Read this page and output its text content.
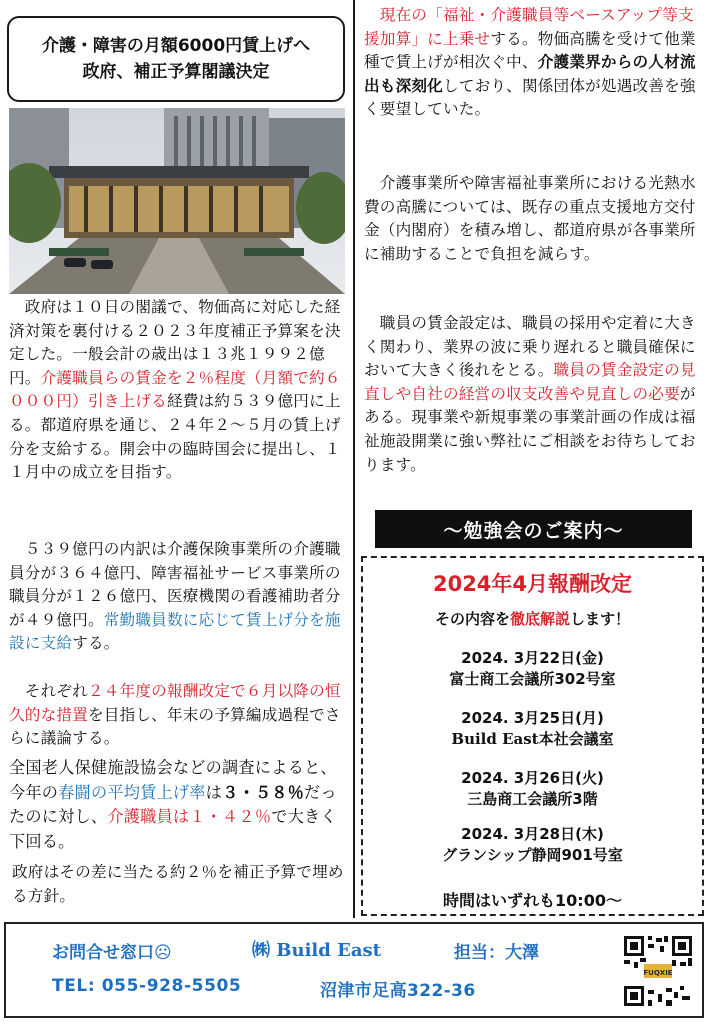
介護・障害の月額6000円賃上げへ
政府、補正予算閣議決定

　政府は１０日の閣議で、物価高に対応した経済対策を裏付ける２０２３年度補正予算案を決定した。一般会計の歳出は１３兆１９９２億円。介護職員らの賃金を２％程度（月額で約６０００円）引き上げる経費は約５３９億円に上る。都道府県を通じ、２４年２〜５月の賃上げ分を支給する。開会中の臨時国会に提出し、１１月中の成立を目指す。

　５３９億円の内訳は介護保険事業所の介護職員分が３６４億円、障害福祉サービス事業所の職員分が１２６億円、医療機関の看護補助者分が４９億円。常勤職員数に応じて賃上げ分を施設に支給する。

　それぞれ２４年度の報酬改定で６月以降の恒久的な措置を目指し、年末の予算編成過程でさらに議論する。

全国老人保健施設協会などの調査によると、今年の春闘の平均賃上げ率は３・５８％だったのに対し、介護職員は１・４２％で大きく下回る。

政府はその差に当たる約２％を補正予算で埋める方針。

　現在の「福祉・介護職員等ベースアップ等支援加算」に上乗せする。物価高騰を受けて他業種で賃上げが相次ぐ中、介護業界からの人材流出も深刻化しており、関係団体が処遇改善を強く要望していた。

　介護事業所や障害福祉事業所における光熱水費の高騰については、既存の重点支援地方交付金（内閣府）を積み増し、都道府県が各事業所に補助することで負担を減らす。

　職員の賃金設定は、職員の採用や定着に大きく関わり、業界の波に乗り遅れると職員確保において大きく後れをとる。職員の賃金設定の見直しや自社の経営の収支改善や見直しの必要がある。現事業や新規事業の事業計画の作成は福祉施設開業に強い弊社にご相談をお待ちしております。

～勉強会のご案内～
2024年4月報酬改定
その内容を徹底解説します！
2024. 3月22日(金)
富士商工会議所302号室
2024. 3月25日(月)
Build East本社会議室
2024. 3月26日(火)
三島商工会議所3階
2024. 3月28日(木)
グランシップ静岡901号室
時間はいずれも10:00～
お問合せ窓口☹	㈱ Build East	担当：大澤
TEL: 055-928-5505	沼津市足高322-36
FUQXIE
